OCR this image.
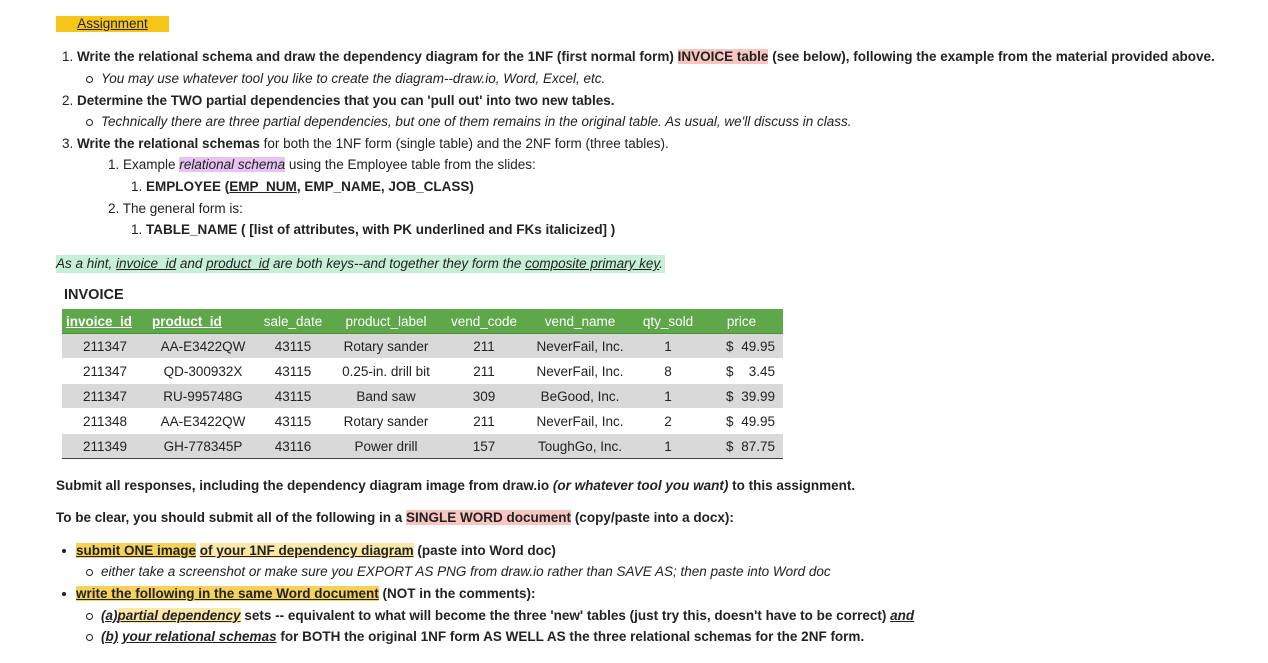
Assignment
1. Write the relational schema and draw the dependency diagram for the 1NF (first normal form) INVOICE table (see below), following the example from the material provided above.
You may use whatever tool you like to create the diagram--draw.io, Word, Excel, etc.
2. Determine the TWO partial dependencies that you can 'pull out' into two new tables.
Technically there are three partial dependencies, but one of them remains in the original table. As usual, we'll discuss in class.
3. Write the relational schemas for both the 1NF form (single table) and the 2NF form (three tables).
1. Example relational schema using the Employee table from the slides:
1. EMPLOYEE (EMP_NUM, EMP_NAME, JOB_CLASS)
2. The general form is:
1. TABLE_NAME ( [list of attributes, with PK underlined and FKs italicized] )
As a hint, invoice_id and product_id are both keys--and together they form the composite primary key.
INVOICE
invoice_id	product_id	sale_date	product_label	vend_code	vend_name	qty_sold	price
211347	AA-E3422QW	43115	Rotary sander	211	NeverFail, Inc.	1	$ 49.95

211347	QD-300932X	43115	0.25-in. drill bit	211	NeverFail, Inc.	8	$ 3.45

211347	RU-995748G	43115	Band saw	309	BeGood, Inc.	1	$ 39.99

211348	AA-E3422QW	43115	Rotary sander	211	NeverFail, Inc.	2	$ 49.95

211349	GH-778345P	43116	Power drill	157	ToughGo, Inc.	1	$ 87.75
Submit all responses, including the dependency diagram image from draw.io (or whatever tool you want) to this assignment.
To be clear, you should submit all of the following in a SINGLE WORD document (copy/paste into a docx):
submit ONE image of your 1NF dependency diagram (paste into Word doc)
either take a screenshot or make sure you EXPORT AS PNG from draw.io rather than SAVE AS; then paste into Word doc
write the following in the same Word document (NOT in the comments):
(a)partial dependency sets -- equivalent to what will become the three 'new' tables (just try this, doesn't have to be correct) and
(b) your relational schemas for BOTH the original 1NF form AS WELL AS the three relational schemas for the 2NF form.
